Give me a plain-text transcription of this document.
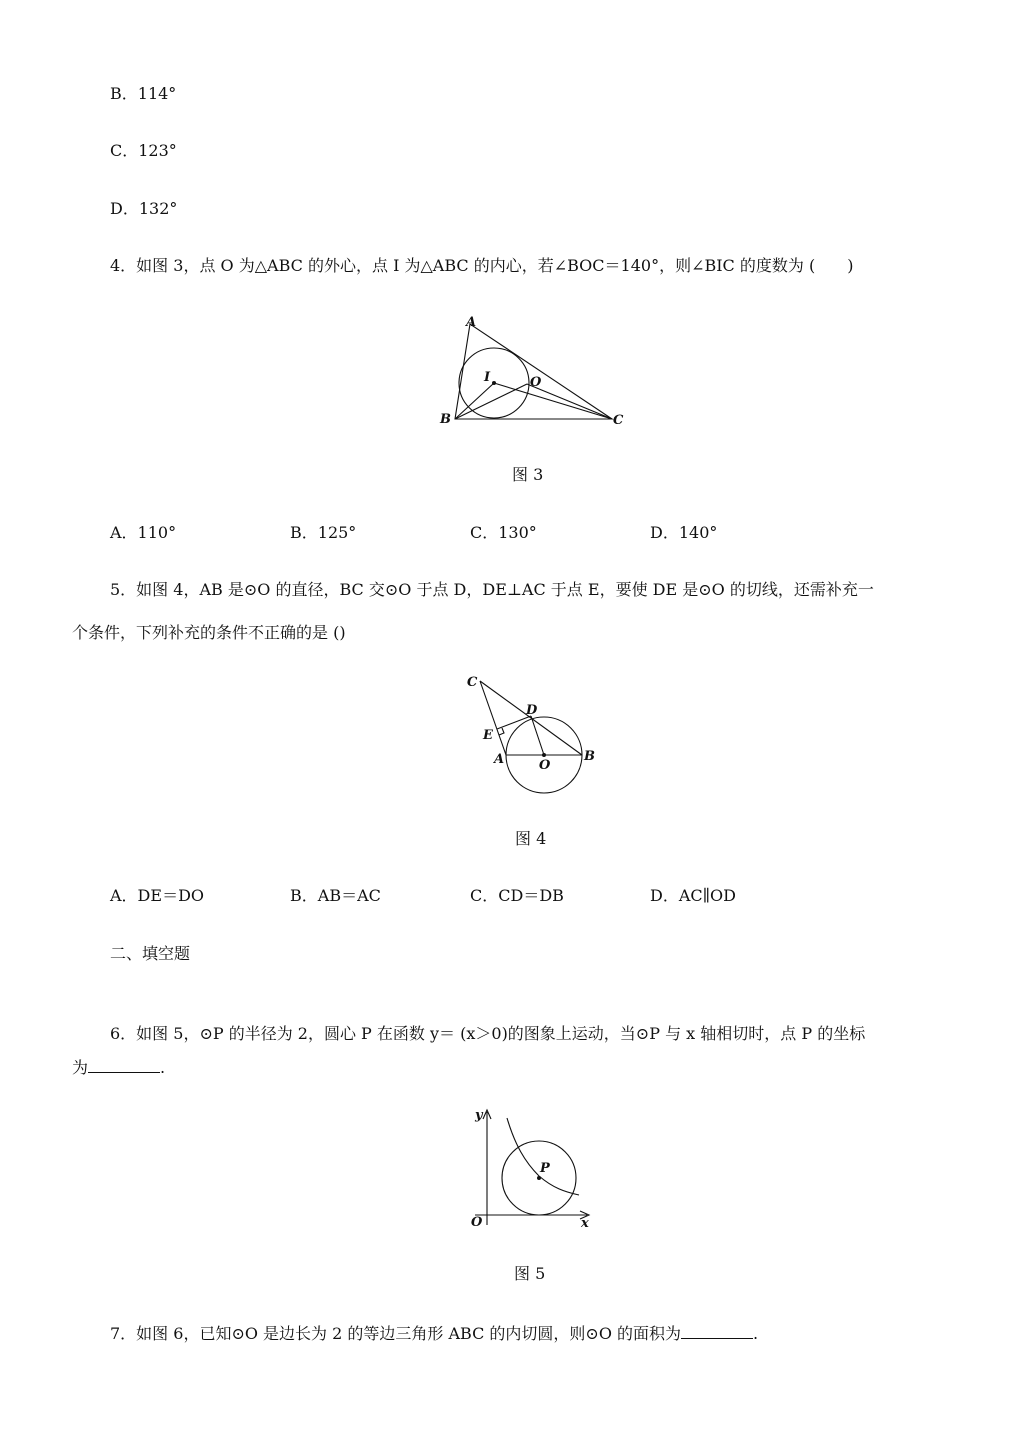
B．114°
C．123°
D．132°
4．如图 3，点 O 为△ABC 的外心，点 I 为△ABC 的内心，若∠BOC＝140°，则∠BIC 的度数为 (　　)
A
B	C
I	O
图 3
A．110°	B．125°	C．130°	D．140°
5．如图 4，AB 是⊙O 的直径，BC 交⊙O 于点 D，DE⊥AC 于点 E，要使 DE 是⊙O 的切线，还需补充一
个条件，下列补充的条件不正确的是 ()
C
D
E
A	O
B
图 4
A．DE＝DO	B．AB＝AC	C．CD＝DB	D．AC∥OD
二、填空题
6．如图 5，⊙P 的半径为 2，圆心 P 在函数 y＝ (x＞0)的图象上运动，当⊙P 与 x 轴相切时，点 P 的坐标
为	.
y
x
O
P
图 5
7．如图 6，已知⊙O 是边长为 2 的等边三角形 ABC 的内切圆，则⊙O 的面积为	.
